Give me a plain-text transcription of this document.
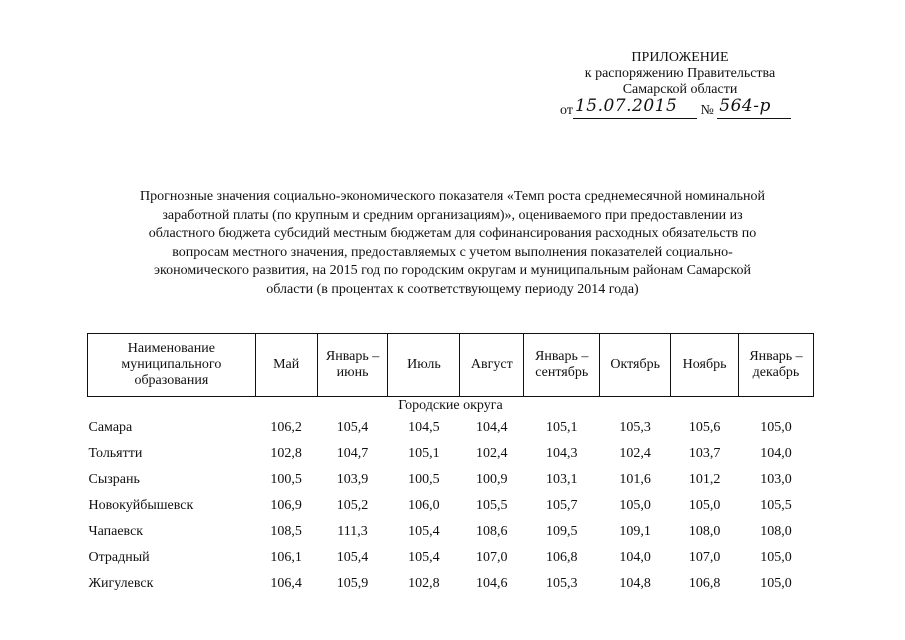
ПРИЛОЖЕНИЕ
к распоряжению Правительства
Самарской области
от 15.07.2015 № 564-р
Прогнозные значения социально-экономического показателя «Темп роста среднемесячной номинальной
заработной платы (по крупным и средним организациям)», оцениваемого при предоставлении из
областного бюджета субсидий местным бюджетам для софинансирования расходных обязательств по
вопросам местного значения, предоставляемых с учетом выполнения показателей социально-
экономического развития, на 2015 год по городским округам и муниципальным районам Самарской
области (в процентах к соответствующему периоду 2014 года)
Наименование
муниципального
образования	Май	Январь –
июнь	Июль	Август	Январь –
сентябрь	Октябрь	Ноябрь	Январь –
декабрь

Городские округа								
Самара	106,2	105,4	104,5	104,4	105,1	105,3	105,6	105,0
Тольятти	102,8	104,7	105,1	102,4	104,3	102,4	103,7	104,0
Сызрань	100,5	103,9	100,5	100,9	103,1	101,6	101,2	103,0
Новокуйбышевск	106,9	105,2	106,0	105,5	105,7	105,0	105,0	105,5
Чапаевск	108,5	111,3	105,4	108,6	109,5	109,1	108,0	108,0
Отрадный	106,1	105,4	105,4	107,0	106,8	104,0	107,0	105,0
Жигулевск	106,4	105,9	102,8	104,6	105,3	104,8	106,8	105,0
